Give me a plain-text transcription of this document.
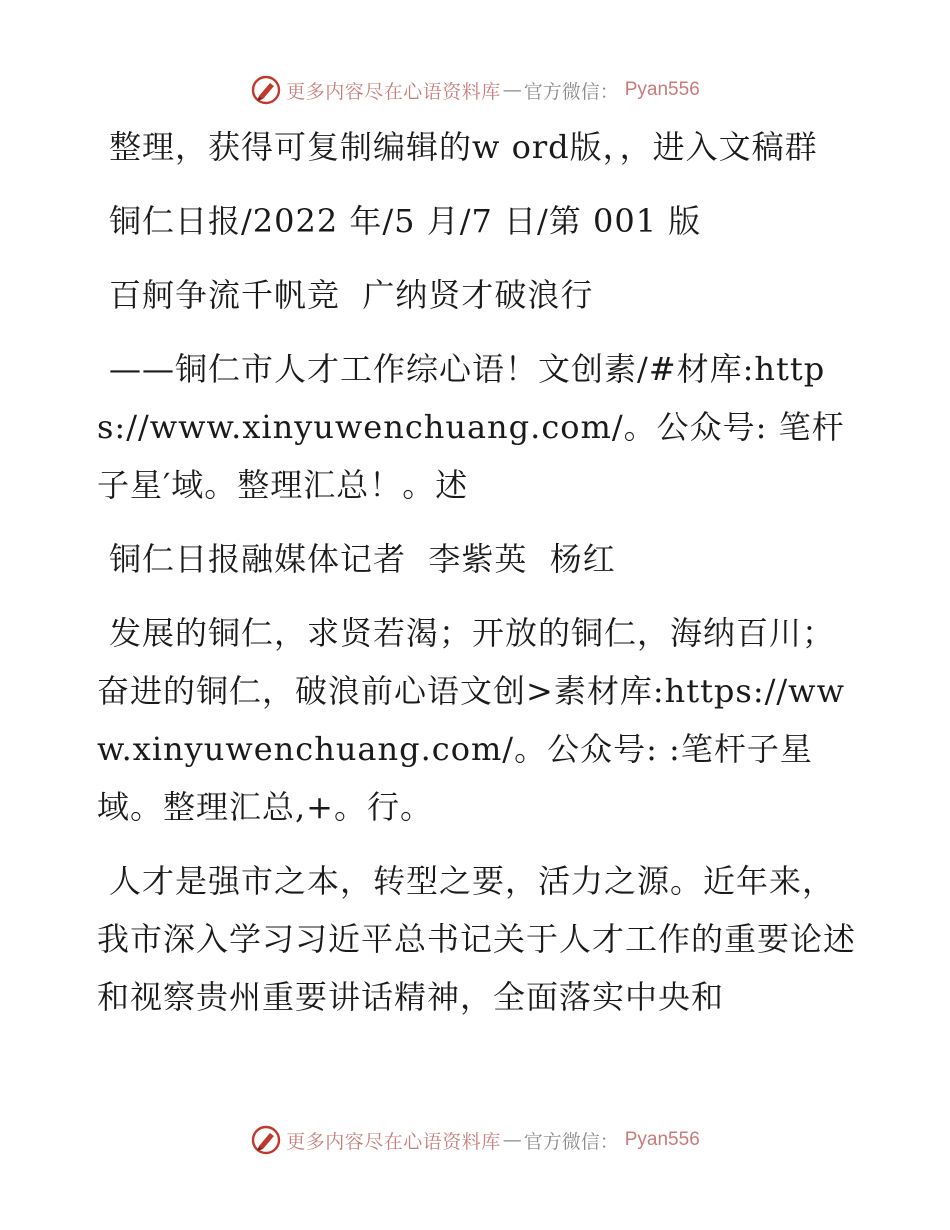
更多内容尽在心语资料库 — 官方微信： Pyan556

整理，获得可复制编辑的w ord版，，进入文稿群

铜仁日报/2022 年/5 月/7 日/第 001 版

百舸争流千帆竞  广纳贤才破浪行

——铜仁市人才工作综心语！文创素/#材库:https://www.xinyuwenchuang.com/。公众号: 笔杆子星′域。整理汇总！。述

铜仁日报融媒体记者  李紫英  杨红

发展的铜仁，求贤若渴；开放的铜仁，海纳百川；奋进的铜仁，破浪前心语文创>素材库:https://www.xinyuwenchuang.com/。公众号: :笔杆子星域。整理汇总,+。行。

人才是强市之本，转型之要，活力之源。近年来，我市深入学习习近平总书记关于人才工作的重要论述和视察贵州重要讲话精神，全面落实中央和

更多内容尽在心语资料库 — 官方微信： Pyan556
